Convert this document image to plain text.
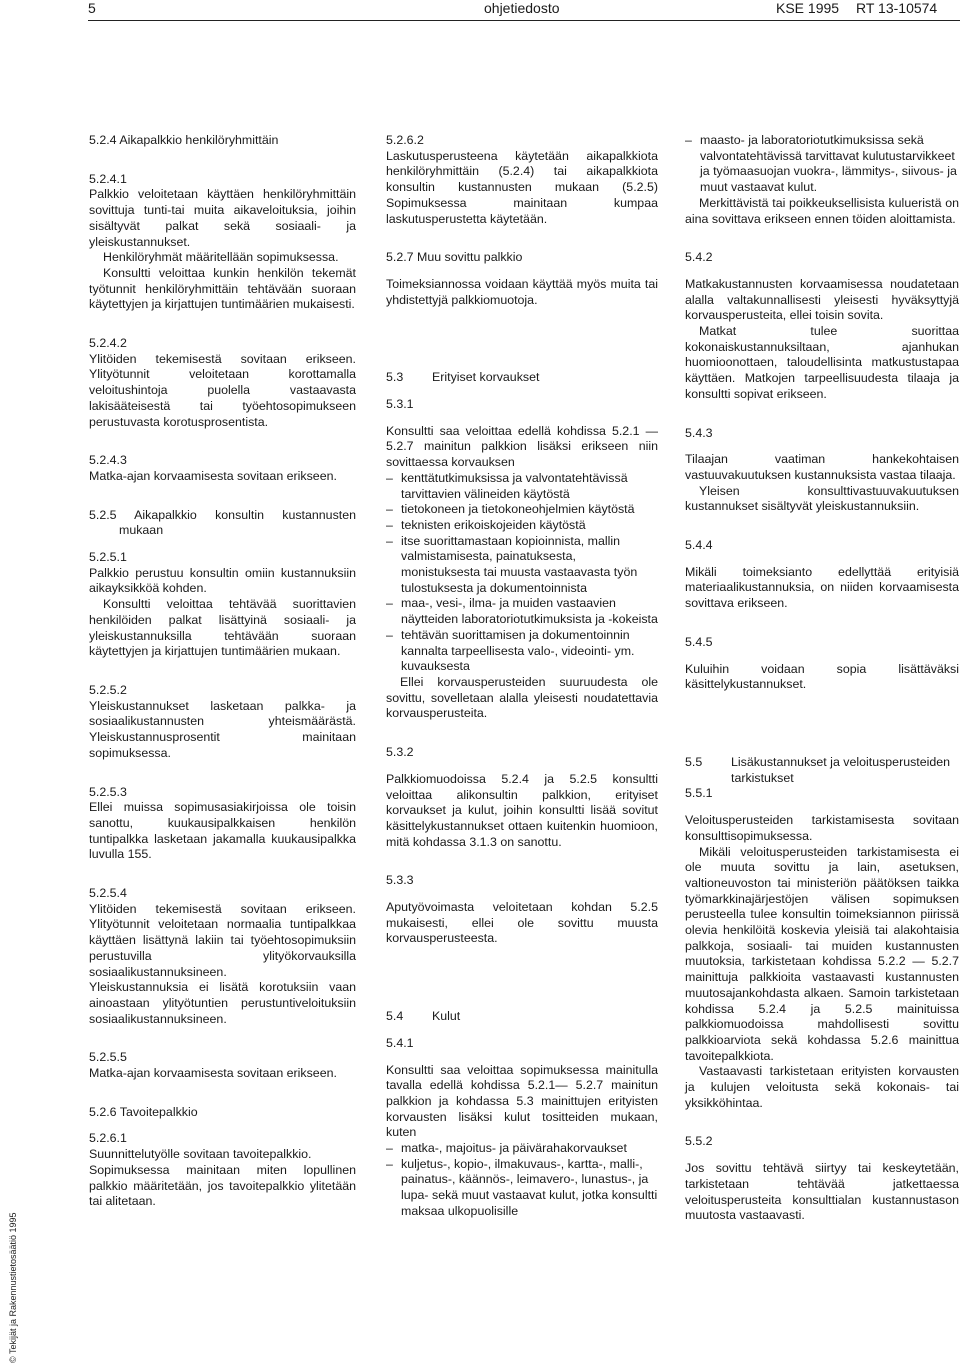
5	ohjetiedosto	KSE 1995 RT 13-10574
© Tekijät ja Rakennustietosäätiö 1995

5.2.4 Aikapalkkio henkilöryhmittäin

5.2.4.1

Palkkio veloitetaan käyttäen henkilöryhmittäin sovittuja tunti-tai muita aikaveloituksia, joihin sisältyvät palkat sekä sosiaali- ja yleiskustannukset.

Henkilöryhmät määritellään sopimuksessa.

Konsultti veloittaa kunkin henkilön tekemät työtunnit henkilöryhmittäin tehtävään suoraan käytettyjen ja kirjattujen tuntimäärien mukaisesti.

5.2.4.2

Ylitöiden tekemisestä sovitaan erikseen. Ylityötunnit veloitetaan korottamalla veloitushintoja puolella vastaavasta lakisääteisestä tai työehtosopimukseen perustuvasta korotusprosentista.

5.2.4.3

Matka-ajan korvaamisesta sovitaan erikseen.

5.2.5 Aikapalkkio konsultin kustannusten mukaan

5.2.5.1

Palkkio perustuu konsultin omiin kustannuksiin aikayksikköä kohden.

Konsultti veloittaa tehtävää suorittavien henkilöiden palkat lisättyinä sosiaali- ja yleiskustannuksilla tehtävään suoraan käytettyjen ja kirjattujen tuntimäärien mukaan.

5.2.5.2

Yleiskustannukset lasketaan palkka- ja sosiaalikustannusten yhteismäärästä. Yleiskustannusprosentit mainitaan sopimuksessa.

5.2.5.3

Ellei muissa sopimusasiakirjoissa ole toisin sanottu, kuukausipalkkaisen henkilön tuntipalkka lasketaan jakamalla kuukausipalkka luvulla 155.

5.2.5.4

Ylitöiden tekemisestä sovitaan erikseen. Ylityötunnit veloitetaan normaalia tuntipalkkaa käyttäen lisättynä lakiin tai työehtosopimuksiin perustuvilla ylityökorvauksilla sosiaalikustannuksineen.

Yleiskustannuksia ei lisätä korotuksiin vaan ainoastaan ylityötuntien perustuntiveloituksiin sosiaalikustannuksineen.

5.2.5.5

Matka-ajan korvaamisesta sovitaan erikseen.

5.2.6 Tavoitepalkkio

5.2.6.1

Suunnittelutyölle sovitaan tavoitepalkkio.

Sopimuksessa mainitaan miten lopullinen palkkio määritetään, jos tavoitepalkkio ylitetään tai alitetaan.

5.2.6.2

Laskutusperusteena käytetään aikapalkkiota henkilöryhmittäin (5.2.4) tai aikapalkkiota konsultin kustannusten mukaan (5.2.5) Sopimuksessa mainitaan kumpaa laskutusperustetta käytetään.

5.2.7 Muu sovittu palkkio

Toimeksiannossa voidaan käyttää myös muita tai yhdistettyjä palkkiomuotoja.

5.3	Erityiset korvaukset

5.3.1

Konsultti saa veloittaa edellä kohdissa 5.2.1 — 5.2.7 mainitun palkkion lisäksi erikseen niin sovittaessa korvauksen

– kenttätutkimuksissa ja valvontatehtävissä tarvittavien välineiden käytöstä
– tietokoneen ja tietokoneohjelmien käytöstä
– teknisten erikoiskojeiden käytöstä
– itse suorittamastaan kopioinnista, mallin valmistamisesta, painatuksesta, monistuksesta tai muusta vastaavasta työn tulostuksesta ja dokumentoinnista
– maa-, vesi-, ilma- ja muiden vastaavien näytteiden laboratoriotutkimuksista ja -kokeista
– tehtävän suorittamisen ja dokumentoinnin kannalta tarpeellisesta valo-, videointi- ym. kuvauksesta

Ellei korvausperusteiden suuruudesta ole sovittu, sovelletaan alalla yleisesti noudatettavia korvausperusteita.

5.3.2

Palkkiomuodoissa 5.2.4 ja 5.2.5 konsultti veloittaa alikonsultin palkkion, erityiset korvaukset ja kulut, joihin konsultti lisää sovitut käsittelykustannukset ottaen kuitenkin huomioon, mitä kohdassa 3.1.3 on sanottu.

5.3.3

Aputyövoimasta veloitetaan kohdan 5.2.5 mukaisesti, ellei ole sovittu muusta korvausperusteesta.

5.4	Kulut

5.4.1

Konsultti saa veloittaa sopimuksessa mainitulla tavalla edellä kohdissa 5.2.1— 5.2.7 mainitun palkkion ja kohdassa 5.3 mainittujen erityisten korvausten lisäksi kulut tositteiden mukaan, kuten

– matka-, majoitus- ja päivärahakorvaukset
– kuljetus-, kopio-, ilmakuvaus-, kartta-, malli-, painatus-, käännös-, leimavero-, lunastus-, ja lupa- sekä muut vastaavat kulut, jotka konsultti maksaa ulkopuolisille
– maasto- ja laboratoriotutkimuksissa sekä valvontatehtävissä tarvittavat kulutustarvikkeet ja työmaasuojan vuokra-, lämmitys-, siivous- ja muut vastaavat kulut.

Merkittävistä tai poikkeuksellisista kulueristä on aina sovittava erikseen ennen töiden aloittamista.

5.4.2

Matkakustannusten korvaamisessa noudatetaan alalla valtakunnallisesti yleisesti hyväksyttyjä korvausperusteita, ellei toisin sovita.

Matkat tulee suorittaa kokonaiskustannuksiltaan, ajanhukan huomioonottaen, taloudellisinta matkustustapaa käyttäen. Matkojen tarpeellisuudesta tilaaja ja konsultti sopivat erikseen.

5.4.3

Tilaajan vaatiman hankekohtaisen vastuuvakuutuksen kustannuksista vastaa tilaaja.

Yleisen konsulttivastuuvakuutuksen kustannukset sisältyvät yleiskustannuksiin.

5.4.4

Mikäli toimeksianto edellyttää erityisiä materiaalikustannuksia, on niiden korvaamisesta sovittava erikseen.

5.4.5

Kuluihin voidaan sopia lisättäväksi käsittelykustannukset.

5.5	Lisäkustannukset ja veloitusperusteiden tarkistukset

5.5.1

Veloitusperusteiden tarkistamisesta sovitaan konsulttisopimuksessa.

Mikäli veloitusperusteiden tarkistamisesta ei ole muuta sovittu ja lain, asetuksen, valtioneuvoston tai ministeriön päätöksen taikka työmarkkinajärjestöjen välisen sopimuksen perusteella tulee konsultin toimeksiannon piirissä olevia henkilöitä koskevia yleisiä tai alakohtaisia palkkoja, sosiaali- tai muiden kustannusten muutoksia, tarkistetaan kohdissa 5.2.2 — 5.2.7 mainittuja palkkioita vastaavasti kustannusten muutosajankohdasta alkaen. Samoin tarkistetaan kohdissa 5.2.4 ja 5.2.5 mainituissa palkkiomuodoissa mahdollisesti sovittu palkkioarviota sekä kohdassa 5.2.6 mainittua tavoitepalkkiota.

Vastaavasti tarkistetaan erityisten korvausten ja kulujen veloitusta sekä kokonais- tai yksikköhintaa.

5.5.2

Jos sovittu tehtävä siirtyy tai keskeytetään, tarkistetaan tehtävää jatkettaessa veloitusperusteita konsulttialan kustannustason muutosta vastaavasti.
